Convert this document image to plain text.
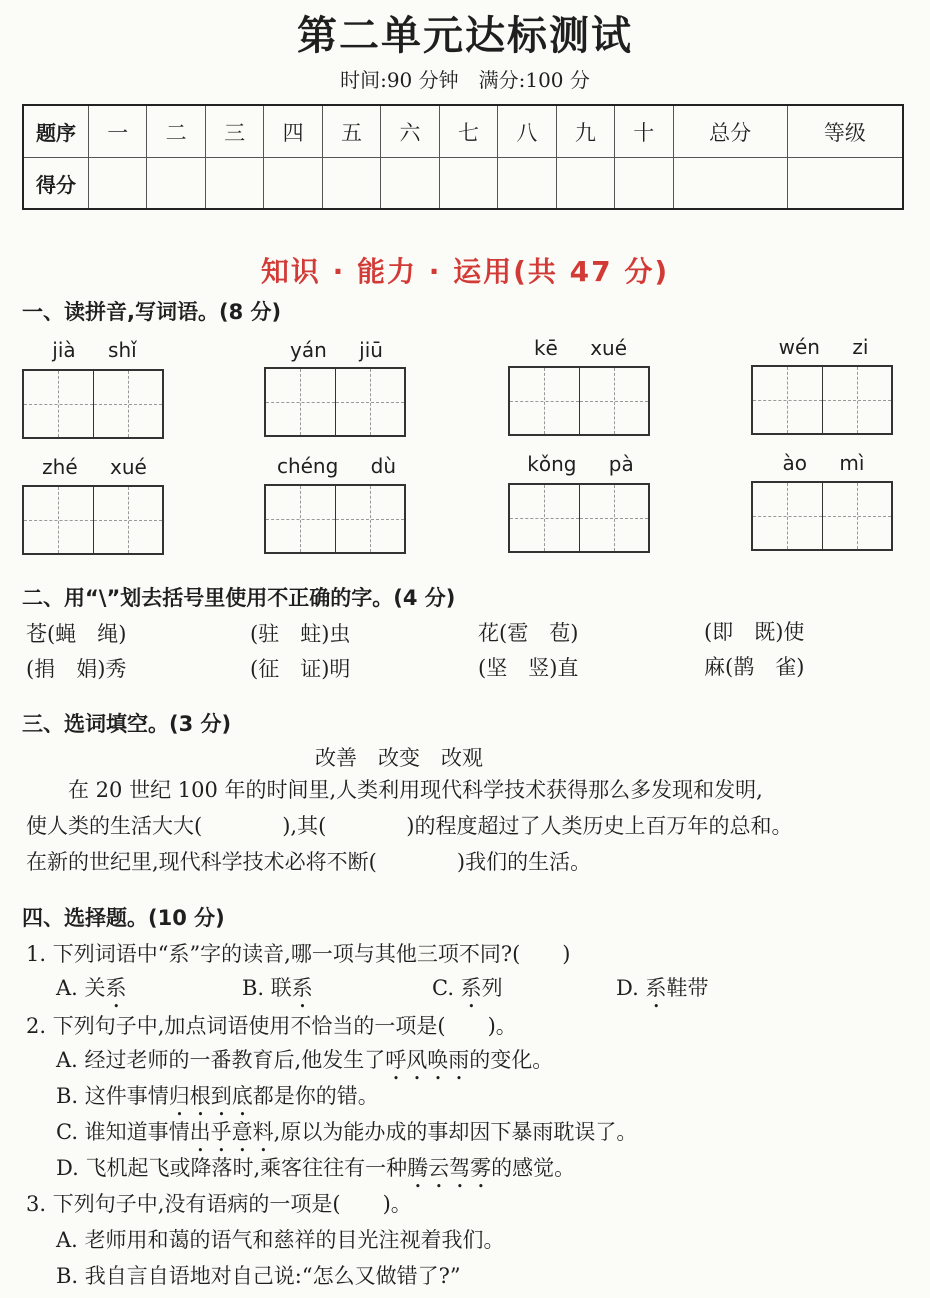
第二单元达标测试
时间:90 分钟　满分:100 分
题序	一	二	三	四	五	六	七	八	九	十	总分	等级
得分												
知识 · 能力 · 运用(共 47 分)
一、读拼音,写词语。(8 分)
jià shǐ	yán jiū	kē xué	wén zi
zhé xué	chéng dù	kǒng pà	ào mì
二、用“\”划去括号里使用不正确的字。(4 分)
苍(蝇　绳)	(驻　蛀)虫	花(雹　苞)	(即　既)使
(捐　娟)秀	(征　证)明	(坚　竖)直	麻(鹊　雀)
三、选词填空。(3 分)
改善　改变　改观
在 20 世纪 100 年的时间里,人类利用现代科学技术获得那么多发现和发明,
使人类的生活大大(	),其(	)的程度超过了人类历史上百万年的总和。
在新的世纪里,现代科学技术必将不断(	)我们的生活。
四、选择题。(10 分)
1. 下列词语中“系”字的读音,哪一项与其他三项不同?(　　)
A. 关系	B. 联系	C. 系列	D. 系鞋带
2. 下列句子中,加点词语使用不恰当的一项是(　　)。
A. 经过老师的一番教育后,他发生了呼风唤雨的变化。
B. 这件事情归根到底都是你的错。
C. 谁知道事情出乎意料,原以为能办成的事却因下暴雨耽误了。
D. 飞机起飞或降落时,乘客往往有一种腾云驾雾的感觉。
3. 下列句子中,没有语病的一项是(　　)。
A. 老师用和蔼的语气和慈祥的目光注视着我们。
B. 我自言自语地对自己说:“怎么又做错了?”
